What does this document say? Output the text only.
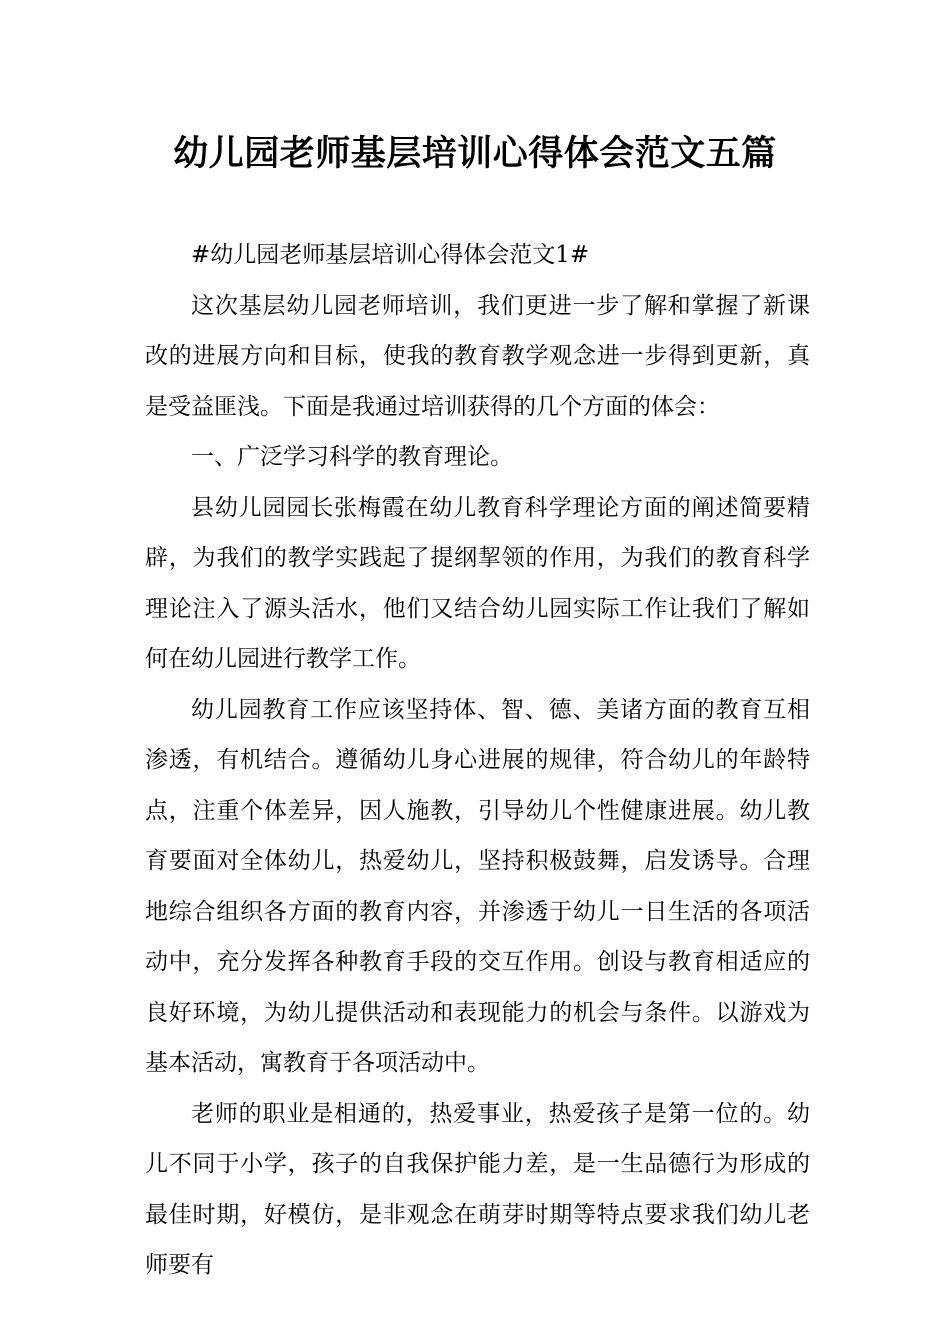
幼儿园老师基层培训心得体会范文五篇

#幼儿园老师基层培训心得体会范文1#

这次基层幼儿园老师培训，我们更进一步了解和掌握了新课改的进展方向和目标，使我的教育教学观念进一步得到更新，真是受益匪浅。下面是我通过培训获得的几个方面的体会：

一、广泛学习科学的教育理论。

县幼儿园园长张梅霞在幼儿教育科学理论方面的阐述简要精辟，为我们的教学实践起了提纲挈领的作用，为我们的教育科学理论注入了源头活水，他们又结合幼儿园实际工作让我们了解如何在幼儿园进行教学工作。

幼儿园教育工作应该坚持体、智、德、美诸方面的教育互相渗透，有机结合。遵循幼儿身心进展的规律，符合幼儿的年龄特点，注重个体差异，因人施教，引导幼儿个性健康进展。幼儿教育要面对全体幼儿，热爱幼儿，坚持积极鼓舞，启发诱导。合理地综合组织各方面的教育内容，并渗透于幼儿一日生活的各项活动中，充分发挥各种教育手段的交互作用。创设与教育相适应的良好环境，为幼儿提供活动和表现能力的机会与条件。以游戏为基本活动，寓教育于各项活动中。

老师的职业是相通的，热爱事业，热爱孩子是第一位的。幼儿不同于小学，孩子的自我保护能力差，是一生品德行为形成的最佳时期，好模仿，是非观念在萌芽时期等特点要求我们幼儿老师要有
